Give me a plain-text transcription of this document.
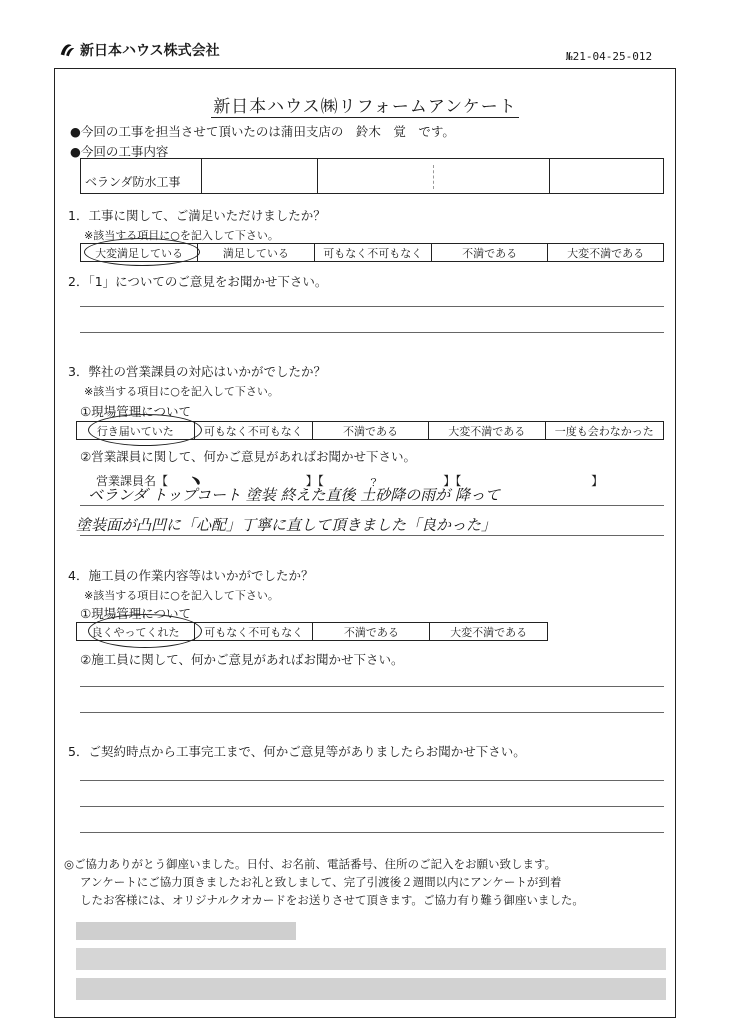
新日本ハウス株式会社	№21-04-25-012
新日本ハウス㈱リフォームアンケート
●今回の工事を担当させて頂いたのは蒲田支店の　鈴木　覚　です。
●今回の工事内容
ベランダ防水工事
1．工事に関して、ご満足いただけましたか？
※該当する項目に○を記入して下さい。
大変満足している	満足している	可もなく不可もなく	不満である	大変不満である
2．「1」についてのご意見をお聞かせ下さい。
3．弊社の営業課員の対応はいかがでしたか？
※該当する項目に○を記入して下さい。
①現場管理について
行き届いていた	可もなく不可もなく	不満である	大変不満である	一度も会わなかった
②営業課員に関して、何かご意見があればお聞かせ下さい。
営業課員名【 ﹅	】【	﹖	】【	】
ベランダ トップコート 塗装 終えた直後 土砂降の雨が 降って
塗装面が凸凹に「心配」丁寧に直して頂きました「良かった」
4．施工員の作業内容等はいかがでしたか？
※該当する項目に○を記入して下さい。
①現場管理について
良くやってくれた	可もなく不可もなく	不満である	大変不満である
②施工員に関して、何かご意見があればお聞かせ下さい。
5．ご契約時点から工事完工まで、何かご意見等がありましたらお聞かせ下さい。
◎ご協力ありがとう御座いました。日付、お名前、電話番号、住所のご記入をお願い致します。
アンケートにご協力頂きましたお礼と致しまして、完了引渡後２週間以内にアンケートが到着
したお客様には、オリジナルクオカードをお送りさせて頂きます。ご協力有り難う御座いました。
